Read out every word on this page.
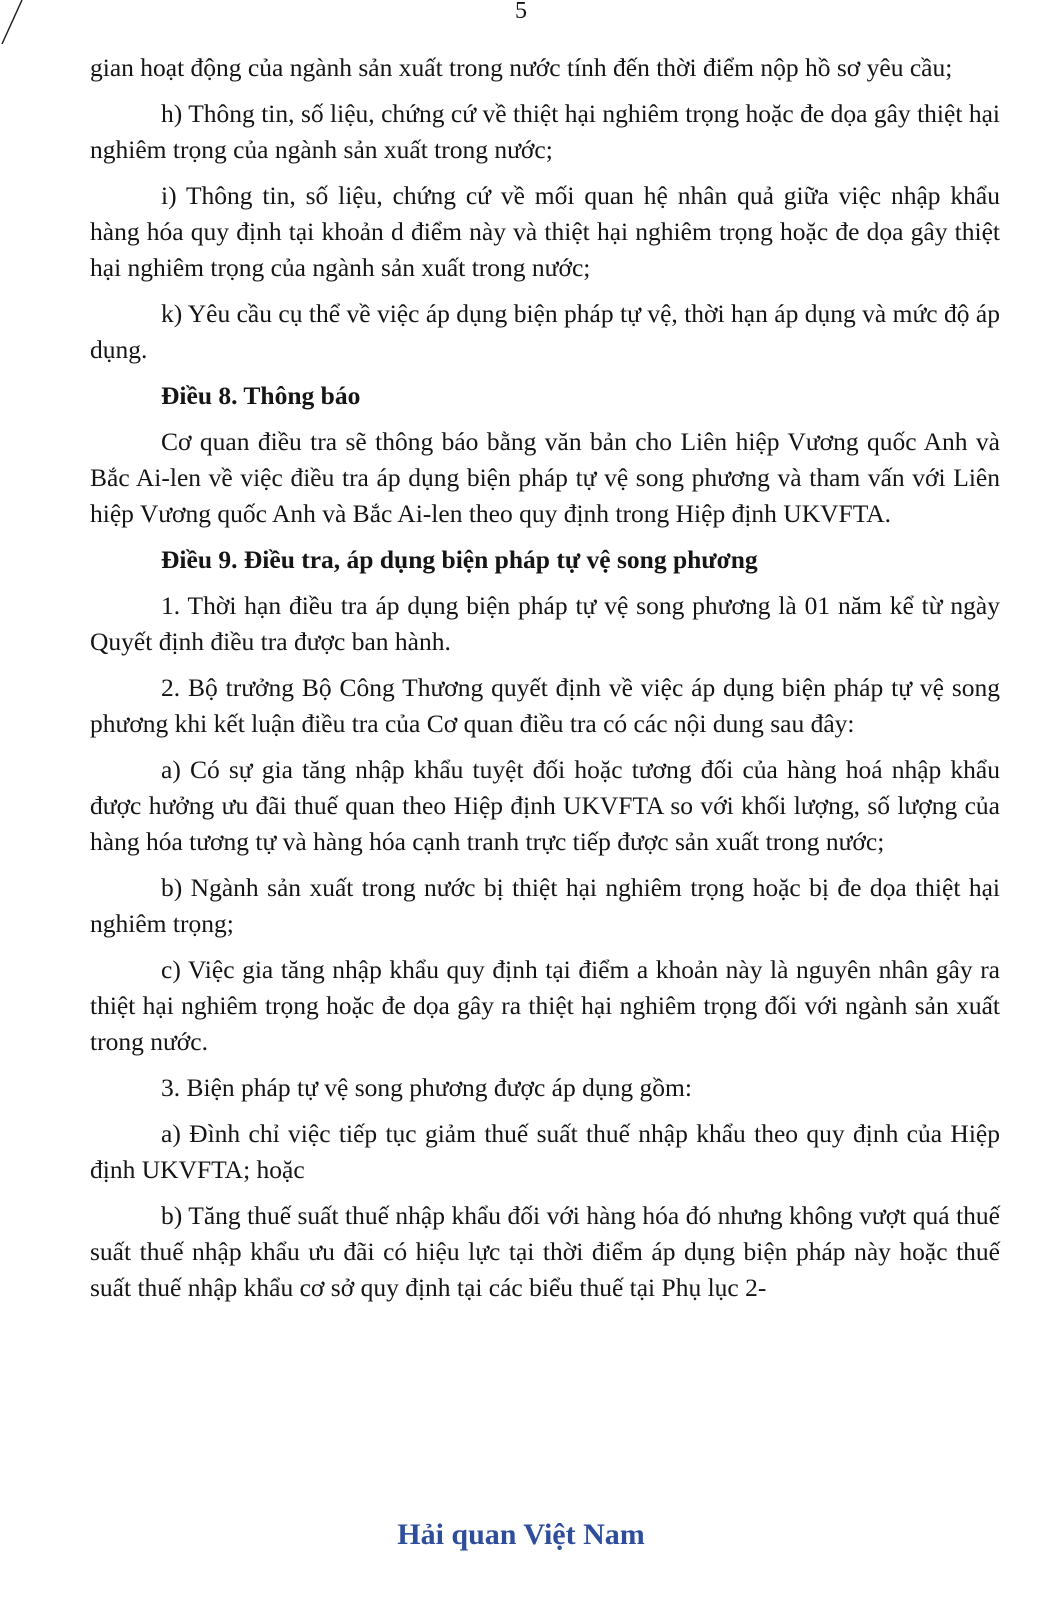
5

gian hoạt động của ngành sản xuất trong nước tính đến thời điểm nộp hồ sơ yêu cầu;

h) Thông tin, số liệu, chứng cứ về thiệt hại nghiêm trọng hoặc đe dọa gây thiệt hại nghiêm trọng của ngành sản xuất trong nước;

i) Thông tin, số liệu, chứng cứ về mối quan hệ nhân quả giữa việc nhập khẩu hàng hóa quy định tại khoản d điểm này và thiệt hại nghiêm trọng hoặc đe dọa gây thiệt hại nghiêm trọng của ngành sản xuất trong nước;

k) Yêu cầu cụ thể về việc áp dụng biện pháp tự vệ, thời hạn áp dụng và mức độ áp dụng.

Điều 8. Thông báo

Cơ quan điều tra sẽ thông báo bằng văn bản cho Liên hiệp Vương quốc Anh và Bắc Ai-len về việc điều tra áp dụng biện pháp tự vệ song phương và tham vấn với Liên hiệp Vương quốc Anh và Bắc Ai-len theo quy định trong Hiệp định UKVFTA.

Điều 9. Điều tra, áp dụng biện pháp tự vệ song phương

1. Thời hạn điều tra áp dụng biện pháp tự vệ song phương là 01 năm kể từ ngày Quyết định điều tra được ban hành.

2. Bộ trưởng Bộ Công Thương quyết định về việc áp dụng biện pháp tự vệ song phương khi kết luận điều tra của Cơ quan điều tra có các nội dung sau đây:

a) Có sự gia tăng nhập khẩu tuyệt đối hoặc tương đối của hàng hoá nhập khẩu được hưởng ưu đãi thuế quan theo Hiệp định UKVFTA so với khối lượng, số lượng của hàng hóa tương tự và hàng hóa cạnh tranh trực tiếp được sản xuất trong nước;

b) Ngành sản xuất trong nước bị thiệt hại nghiêm trọng hoặc bị đe dọa thiệt hại nghiêm trọng;

c) Việc gia tăng nhập khẩu quy định tại điểm a khoản này là nguyên nhân gây ra thiệt hại nghiêm trọng hoặc đe dọa gây ra thiệt hại nghiêm trọng đối với ngành sản xuất trong nước.

3. Biện pháp tự vệ song phương được áp dụng gồm:

a) Đình chỉ việc tiếp tục giảm thuế suất thuế nhập khẩu theo quy định của Hiệp định UKVFTA; hoặc

b) Tăng thuế suất thuế nhập khẩu đối với hàng hóa đó nhưng không vượt quá thuế suất thuế nhập khẩu ưu đãi có hiệu lực tại thời điểm áp dụng biện pháp này hoặc thuế suất thuế nhập khẩu cơ sở quy định tại các biểu thuế tại Phụ lục 2-

Hải quan Việt Nam
